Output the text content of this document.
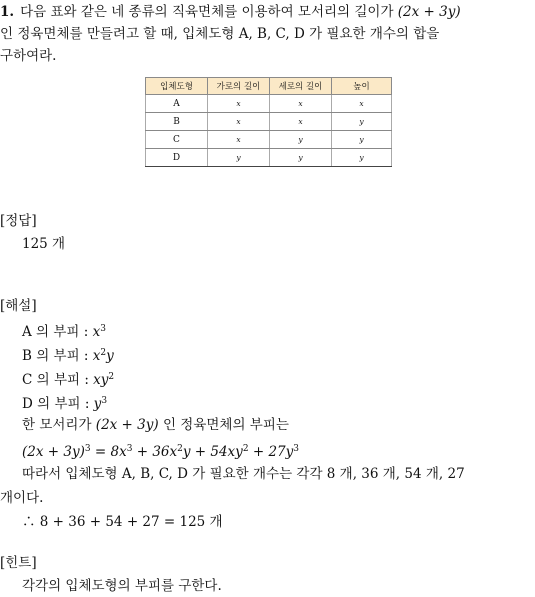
1. 다음 표와 같은 네 종류의 직육면체를 이용하여 모서리의 길이가 (2x + 3y)
인 정육면체를 만들려고 할 때, 입체도형 A, B, C, D 가 필요한 개수의 합을
구하여라.
입체도형	가로의 길이	세로의 길이	높이
A	x	x	x
B	x	x	y
C	x	y	y
D	y	y	y
[정답]
125 개
[해설]
A 의 부피 : $x^3$
B 의 부피 : $x^2y$
C 의 부피 : $xy^2$
D 의 부피 : $y^3$
한 모서리가 (2x + 3y) 인 정육면체의 부피는
$(2x + 3y)^3 = 8x^3 + 36x^2y + 54xy^2 + 27y^3$
따라서 입체도형 A, B, C, D 가 필요한 개수는 각각 8 개, 36 개, 54 개, 27
개이다.
∴ 8 + 36 + 54 + 27 = 125 개
[힌트]
각각의 입체도형의 부피를 구한다.
